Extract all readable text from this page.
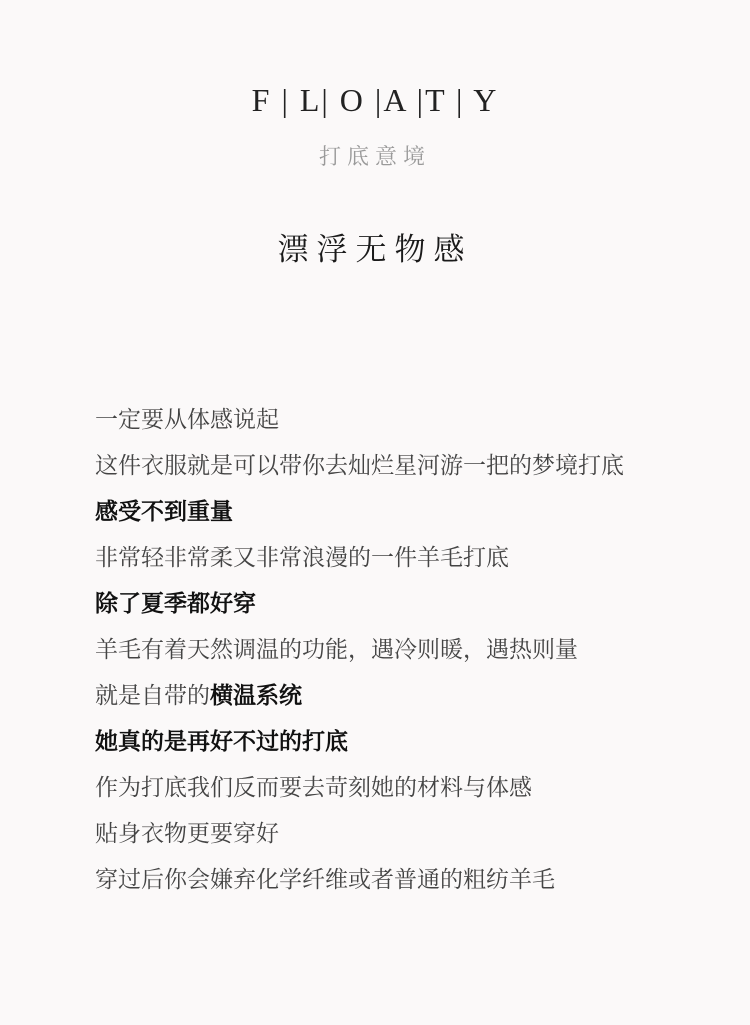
F | L| O |A |T | Y
打底意境
漂浮无物感
一定要从体感说起
这件衣服就是可以带你去灿烂星河游一把的梦境打底
感受不到重量
非常轻非常柔又非常浪漫的一件羊毛打底
除了夏季都好穿
羊毛有着天然调温的功能，遇冷则暖，遇热则量
就是自带的横温系统
她真的是再好不过的打底
作为打底我们反而要去苛刻她的材料与体感
贴身衣物更要穿好
穿过后你会嫌弃化学纤维或者普通的粗纺羊毛
